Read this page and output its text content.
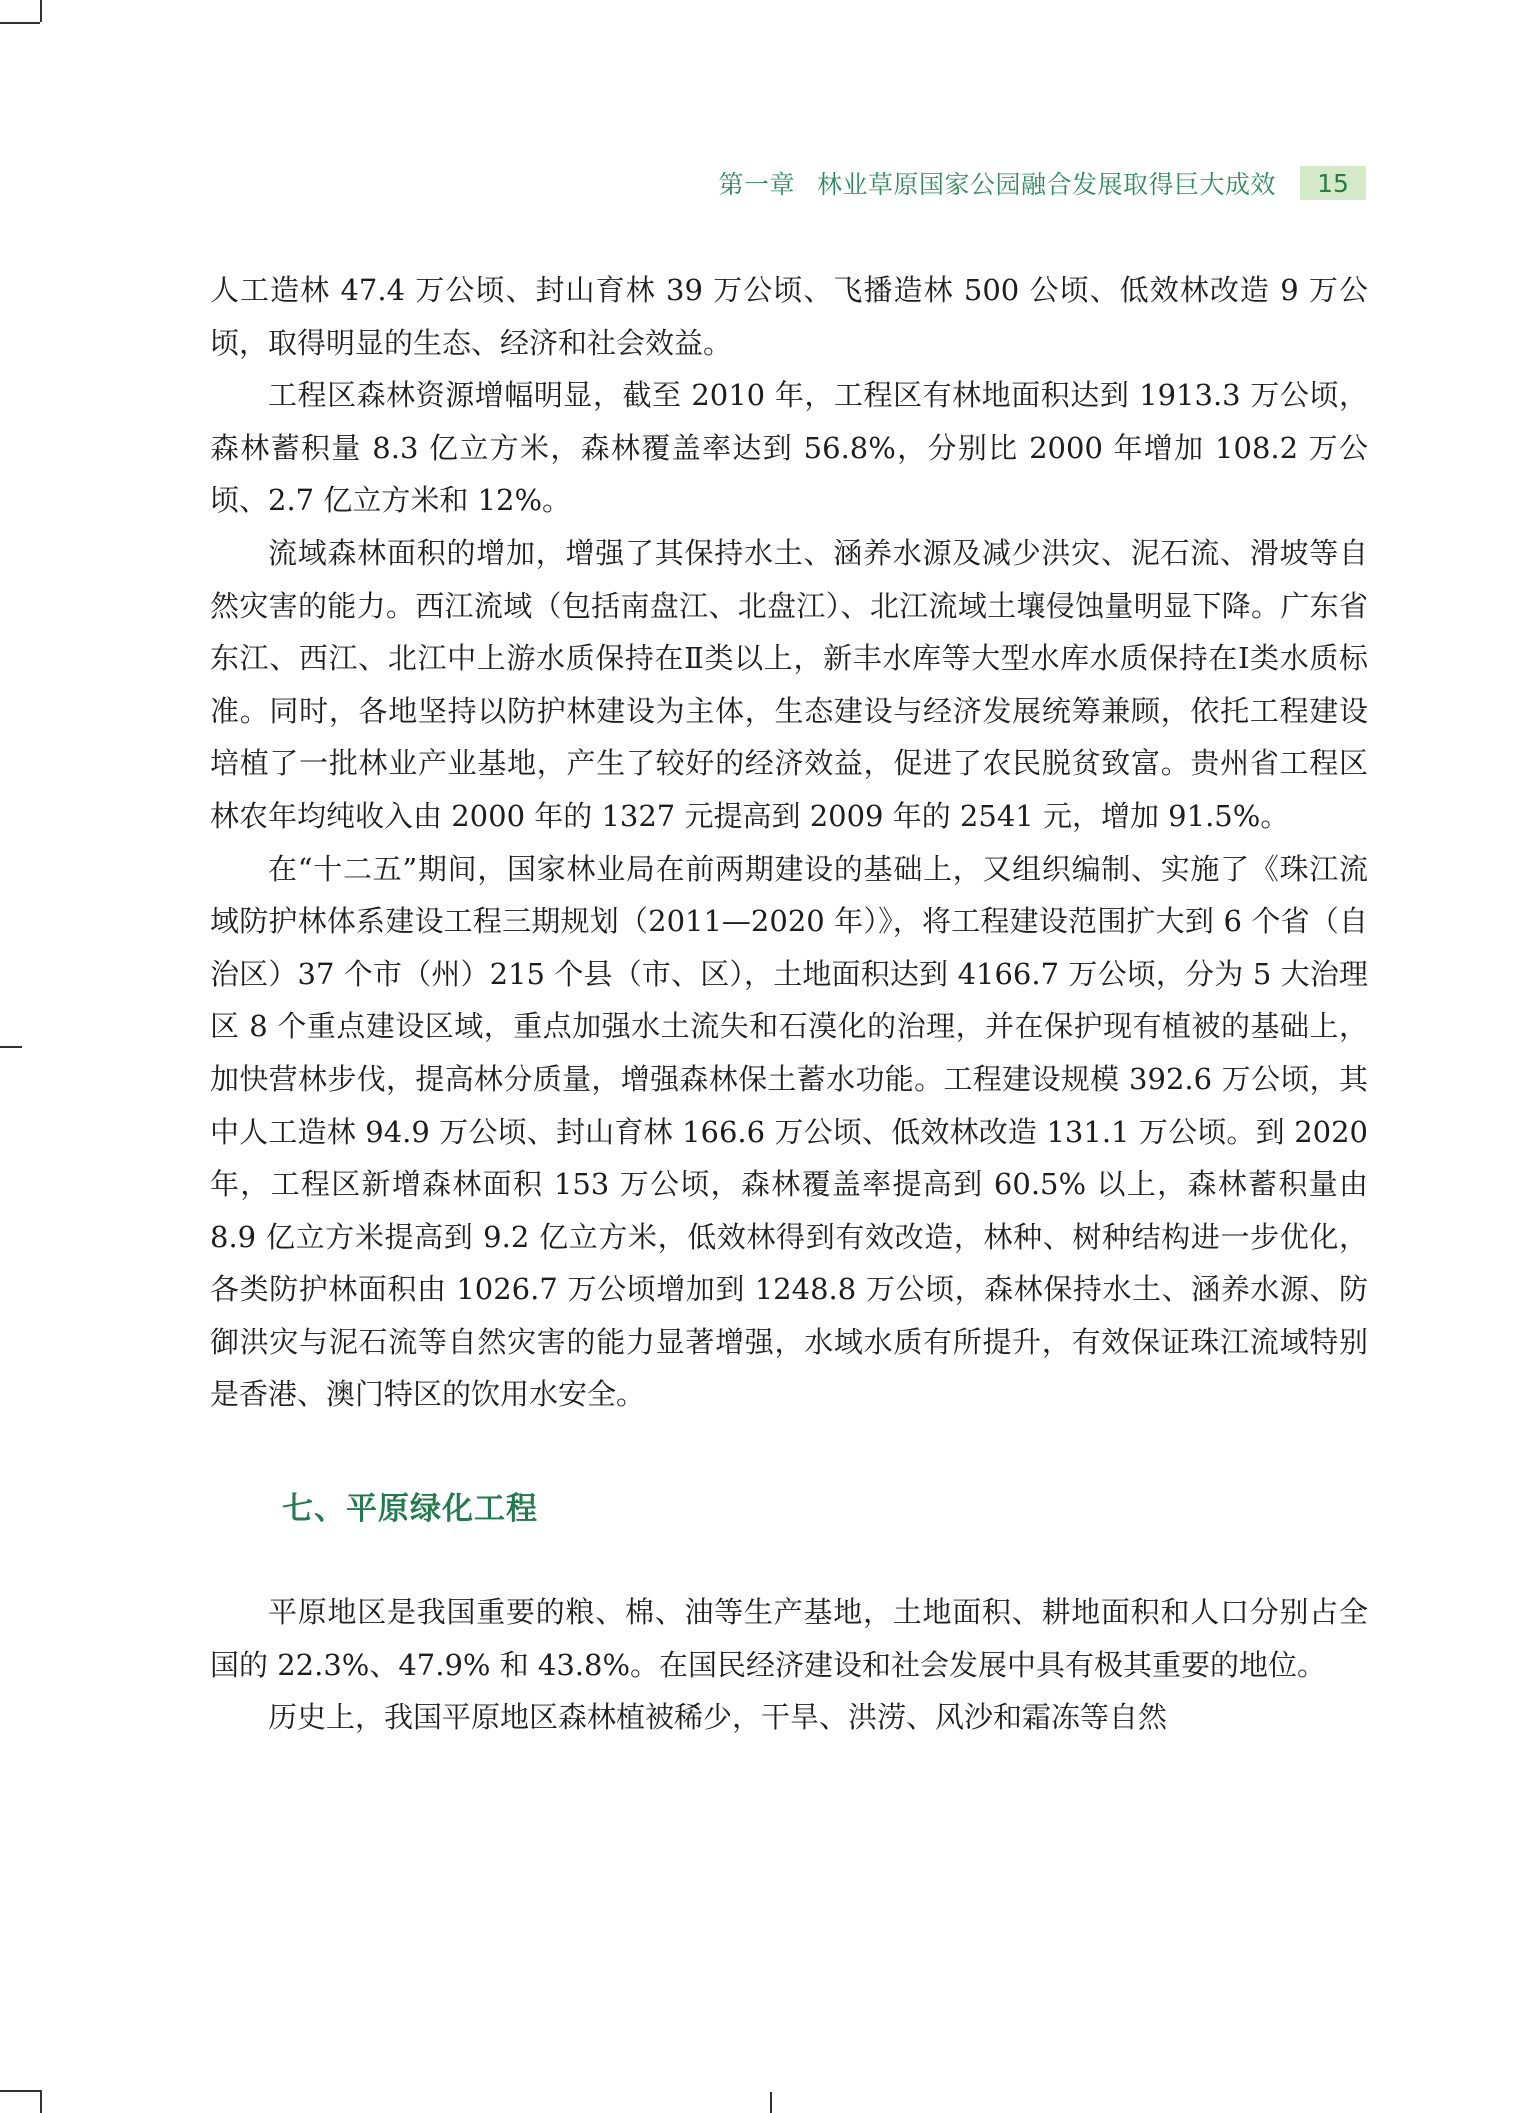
第一章 林业草原国家公园融合发展取得巨大成效	15

人工造林 47.4 万公顷、封山育林 39 万公顷、飞播造林 500 公顷、低效林改造 9 万公顷，取得明显的生态、经济和社会效益。

工程区森林资源增幅明显，截至 2010 年，工程区有林地面积达到 1913.3 万公顷，森林蓄积量 8.3 亿立方米，森林覆盖率达到 56.8%，分别比 2000 年增加 108.2 万公顷、2.7 亿立方米和 12%。

流域森林面积的增加，增强了其保持水土、涵养水源及减少洪灾、泥石流、滑坡等自然灾害的能力。西江流域（包括南盘江、北盘江）、北江流域土壤侵蚀量明显下降。广东省东江、西江、北江中上游水质保持在Ⅱ类以上，新丰水库等大型水库水质保持在Ⅰ类水质标准。同时，各地坚持以防护林建设为主体，生态建设与经济发展统筹兼顾，依托工程建设培植了一批林业产业基地，产生了较好的经济效益，促进了农民脱贫致富。贵州省工程区林农年均纯收入由 2000 年的 1327 元提高到 2009 年的 2541 元，增加 91.5%。

在“十二五”期间，国家林业局在前两期建设的基础上，又组织编制、实施了《珠江流域防护林体系建设工程三期规划（2011—2020 年）》，将工程建设范围扩大到 6 个省（自治区）37 个市（州）215 个县（市、区），土地面积达到 4166.7 万公顷，分为 5 大治理区 8 个重点建设区域，重点加强水土流失和石漠化的治理，并在保护现有植被的基础上，加快营林步伐，提高林分质量，增强森林保土蓄水功能。工程建设规模 392.6 万公顷，其中人工造林 94.9 万公顷、封山育林 166.6 万公顷、低效林改造 131.1 万公顷。到 2020 年，工程区新增森林面积 153 万公顷，森林覆盖率提高到 60.5% 以上，森林蓄积量由 8.9 亿立方米提高到 9.2 亿立方米，低效林得到有效改造，林种、树种结构进一步优化，各类防护林面积由 1026.7 万公顷增加到 1248.8 万公顷，森林保持水土、涵养水源、防御洪灾与泥石流等自然灾害的能力显著增强，水域水质有所提升，有效保证珠江流域特别是香港、澳门特区的饮用水安全。

七、平原绿化工程

平原地区是我国重要的粮、棉、油等生产基地，土地面积、耕地面积和人口分别占全国的 22.3%、47.9% 和 43.8%。在国民经济建设和社会发展中具有极其重要的地位。

历史上，我国平原地区森林植被稀少，干旱、洪涝、风沙和霜冻等自然
